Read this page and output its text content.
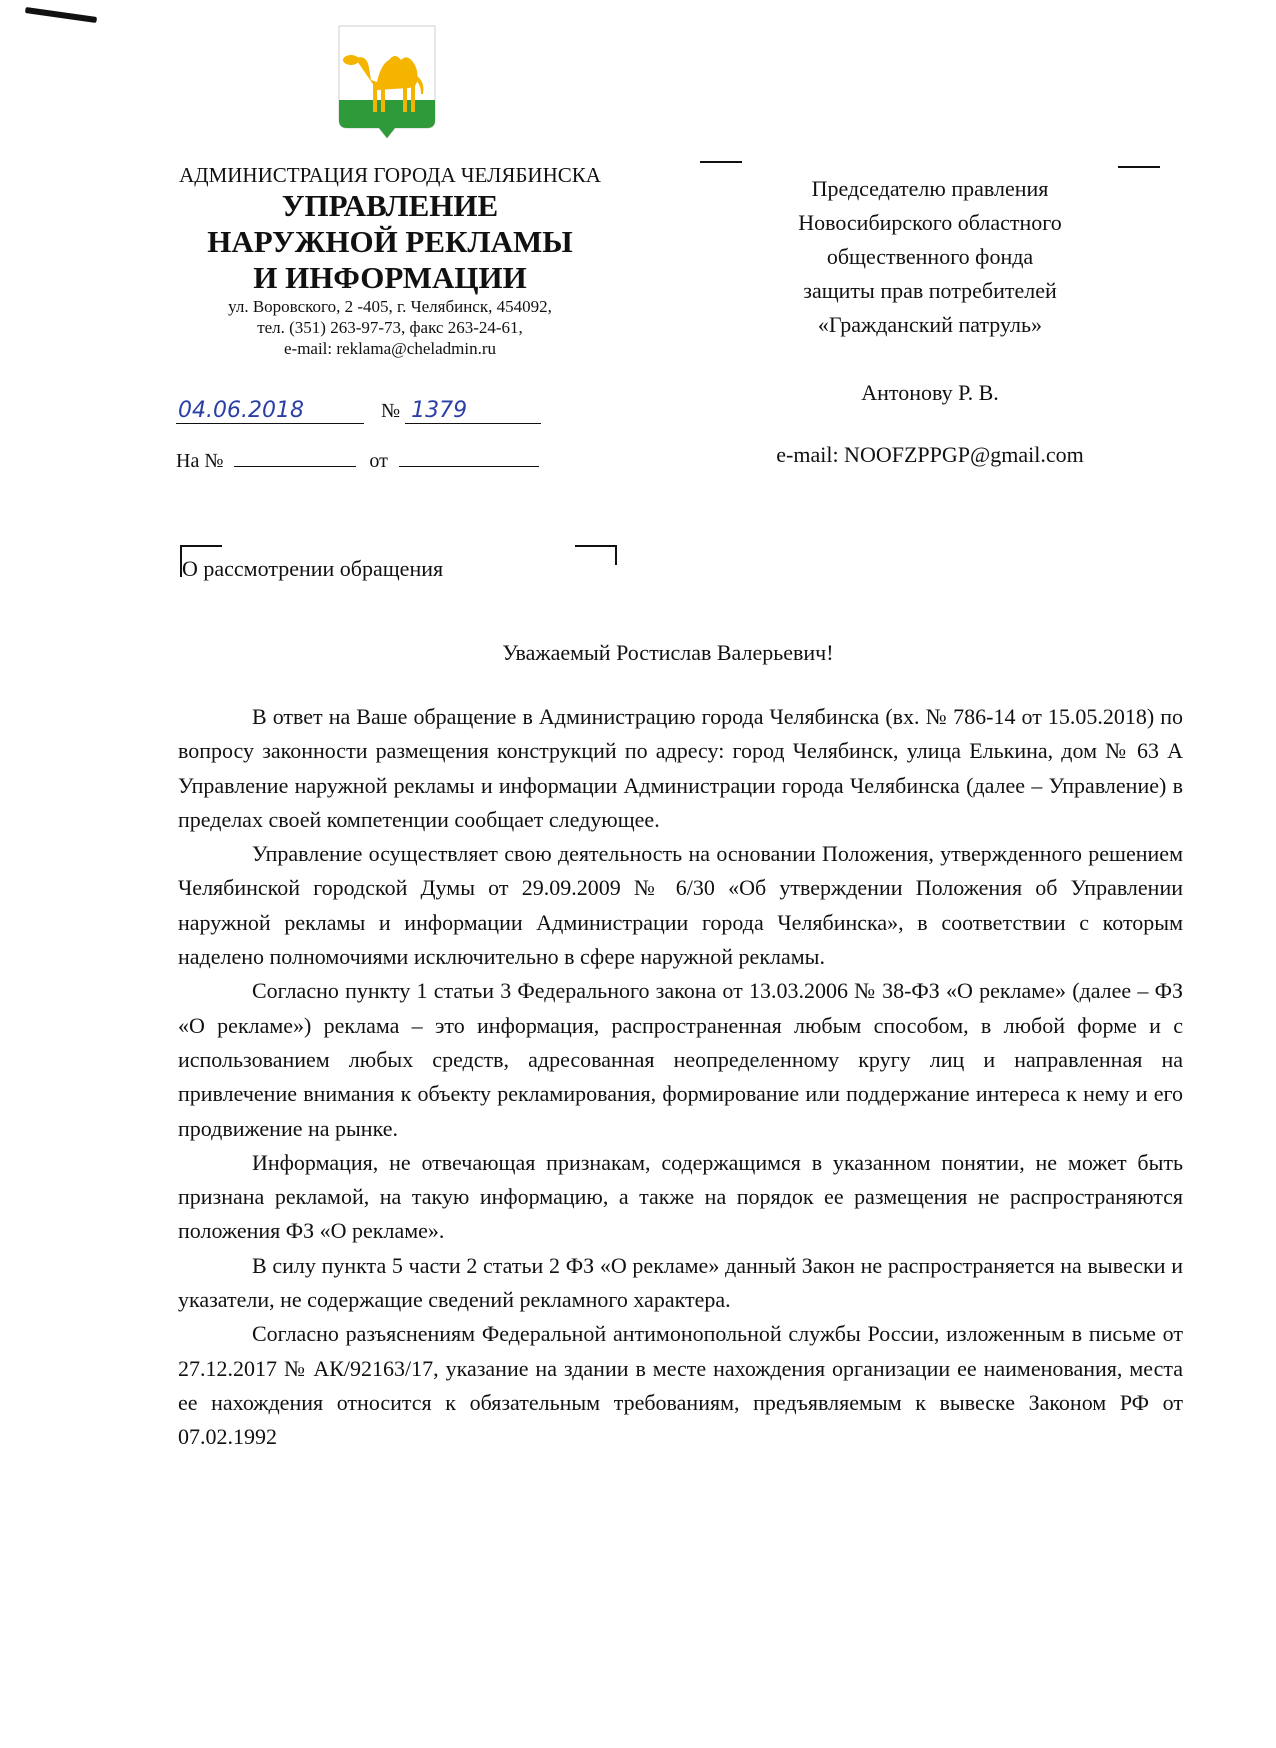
АДМИНИСТРАЦИЯ ГОРОДА ЧЕЛЯБИНСКА
УПРАВЛЕНИЕ
НАРУЖНОЙ РЕКЛАМЫ
И ИНФОРМАЦИИ
ул. Воровского, 2 -405, г. Челябинск, 454092,
тел. (351) 263-97-73, факс 263-24-61,
e-mail: reklama@cheladmin.ru
04.06.2018	№ 1379
На №	от
Председателю правления
Новосибирского областного
общественного фонда
защиты прав потребителей
«Гражданский патруль»
Антонову Р. В.
e-mail: NOOFZPPGP@gmail.com
О рассмотрении обращения
Уважаемый Ростислав Валерьевич!

В ответ на Ваше обращение в Администрацию города Челябинска (вх. № 786-14 от 15.05.2018) по вопросу законности размещения конструкций по адресу: город Челябинск, улица Елькина, дом № 63 А Управление наружной рекламы и информации Администрации города Челябинска (далее – Управление) в пределах своей компетенции сообщает следующее.

Управление осуществляет свою деятельность на основании Положения, утвержденного решением Челябинской городской Думы от 29.09.2009 № 6/30 «Об утверждении Положения об Управлении наружной рекламы и информации Администрации города Челябинска», в соответствии с которым наделено полномочиями исключительно в сфере наружной рекламы.

Согласно пункту 1 статьи 3 Федерального закона от 13.03.2006 № 38-ФЗ «О рекламе» (далее – ФЗ «О рекламе») реклама – это информация, распространенная любым способом, в любой форме и с использованием любых средств, адресованная неопределенному кругу лиц и направленная на привлечение внимания к объекту рекламирования, формирование или поддержание интереса к нему и его продвижение на рынке.

Информация, не отвечающая признакам, содержащимся в указанном понятии, не может быть признана рекламой, на такую информацию, а также на порядок ее размещения не распространяются положения ФЗ «О рекламе».

В силу пункта 5 части 2 статьи 2 ФЗ «О рекламе» данный Закон не распространяется на вывески и указатели, не содержащие сведений рекламного характера.

Согласно разъяснениям Федеральной антимонопольной службы России, изложенным в письме от 27.12.2017 № АК/92163/17, указание на здании в месте нахождения организации ее наименования, места ее нахождения относится к обязательным требованиям, предъявляемым к вывеске Законом РФ от 07.02.1992
